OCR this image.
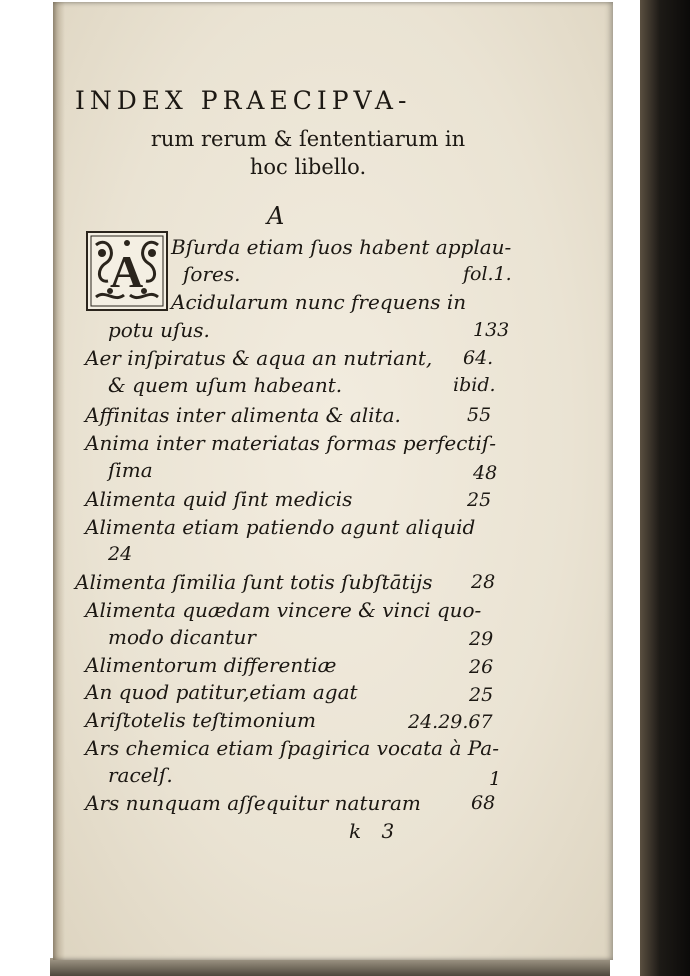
INDEX PRAECIPVA-
rum rerum & ſententiarum in
hoc libello.
A
A Bſurda etiam ſuos habent applau-
ſores.	fol.1.
Acidularum nunc frequens in
potu uſus.	133
Aer inſpiratus & aqua an nutriant, 64.
& quem uſum habeant.	ibid.
Affinitas inter alimenta & alita.	55
Anima inter materiatas formas perfectiſ-
ſima	48
Alimenta quid ſint medicis	25
Alimenta etiam patiendo agunt aliquid
24
Alimenta ſimilia ſunt totis ſubſtātijs 28
Alimenta quædam vincere & vinci quo-
modo dicantur	29
Alimentorum differentiæ	26
An quod patitur,etiam agat	25
Ariſtotelis teſtimonium	24.29.67
Ars chemica etiam ſpagirica vocata à Pa-
racelſ.	1
Ars nunquam aſſequitur naturam	68
k 3
